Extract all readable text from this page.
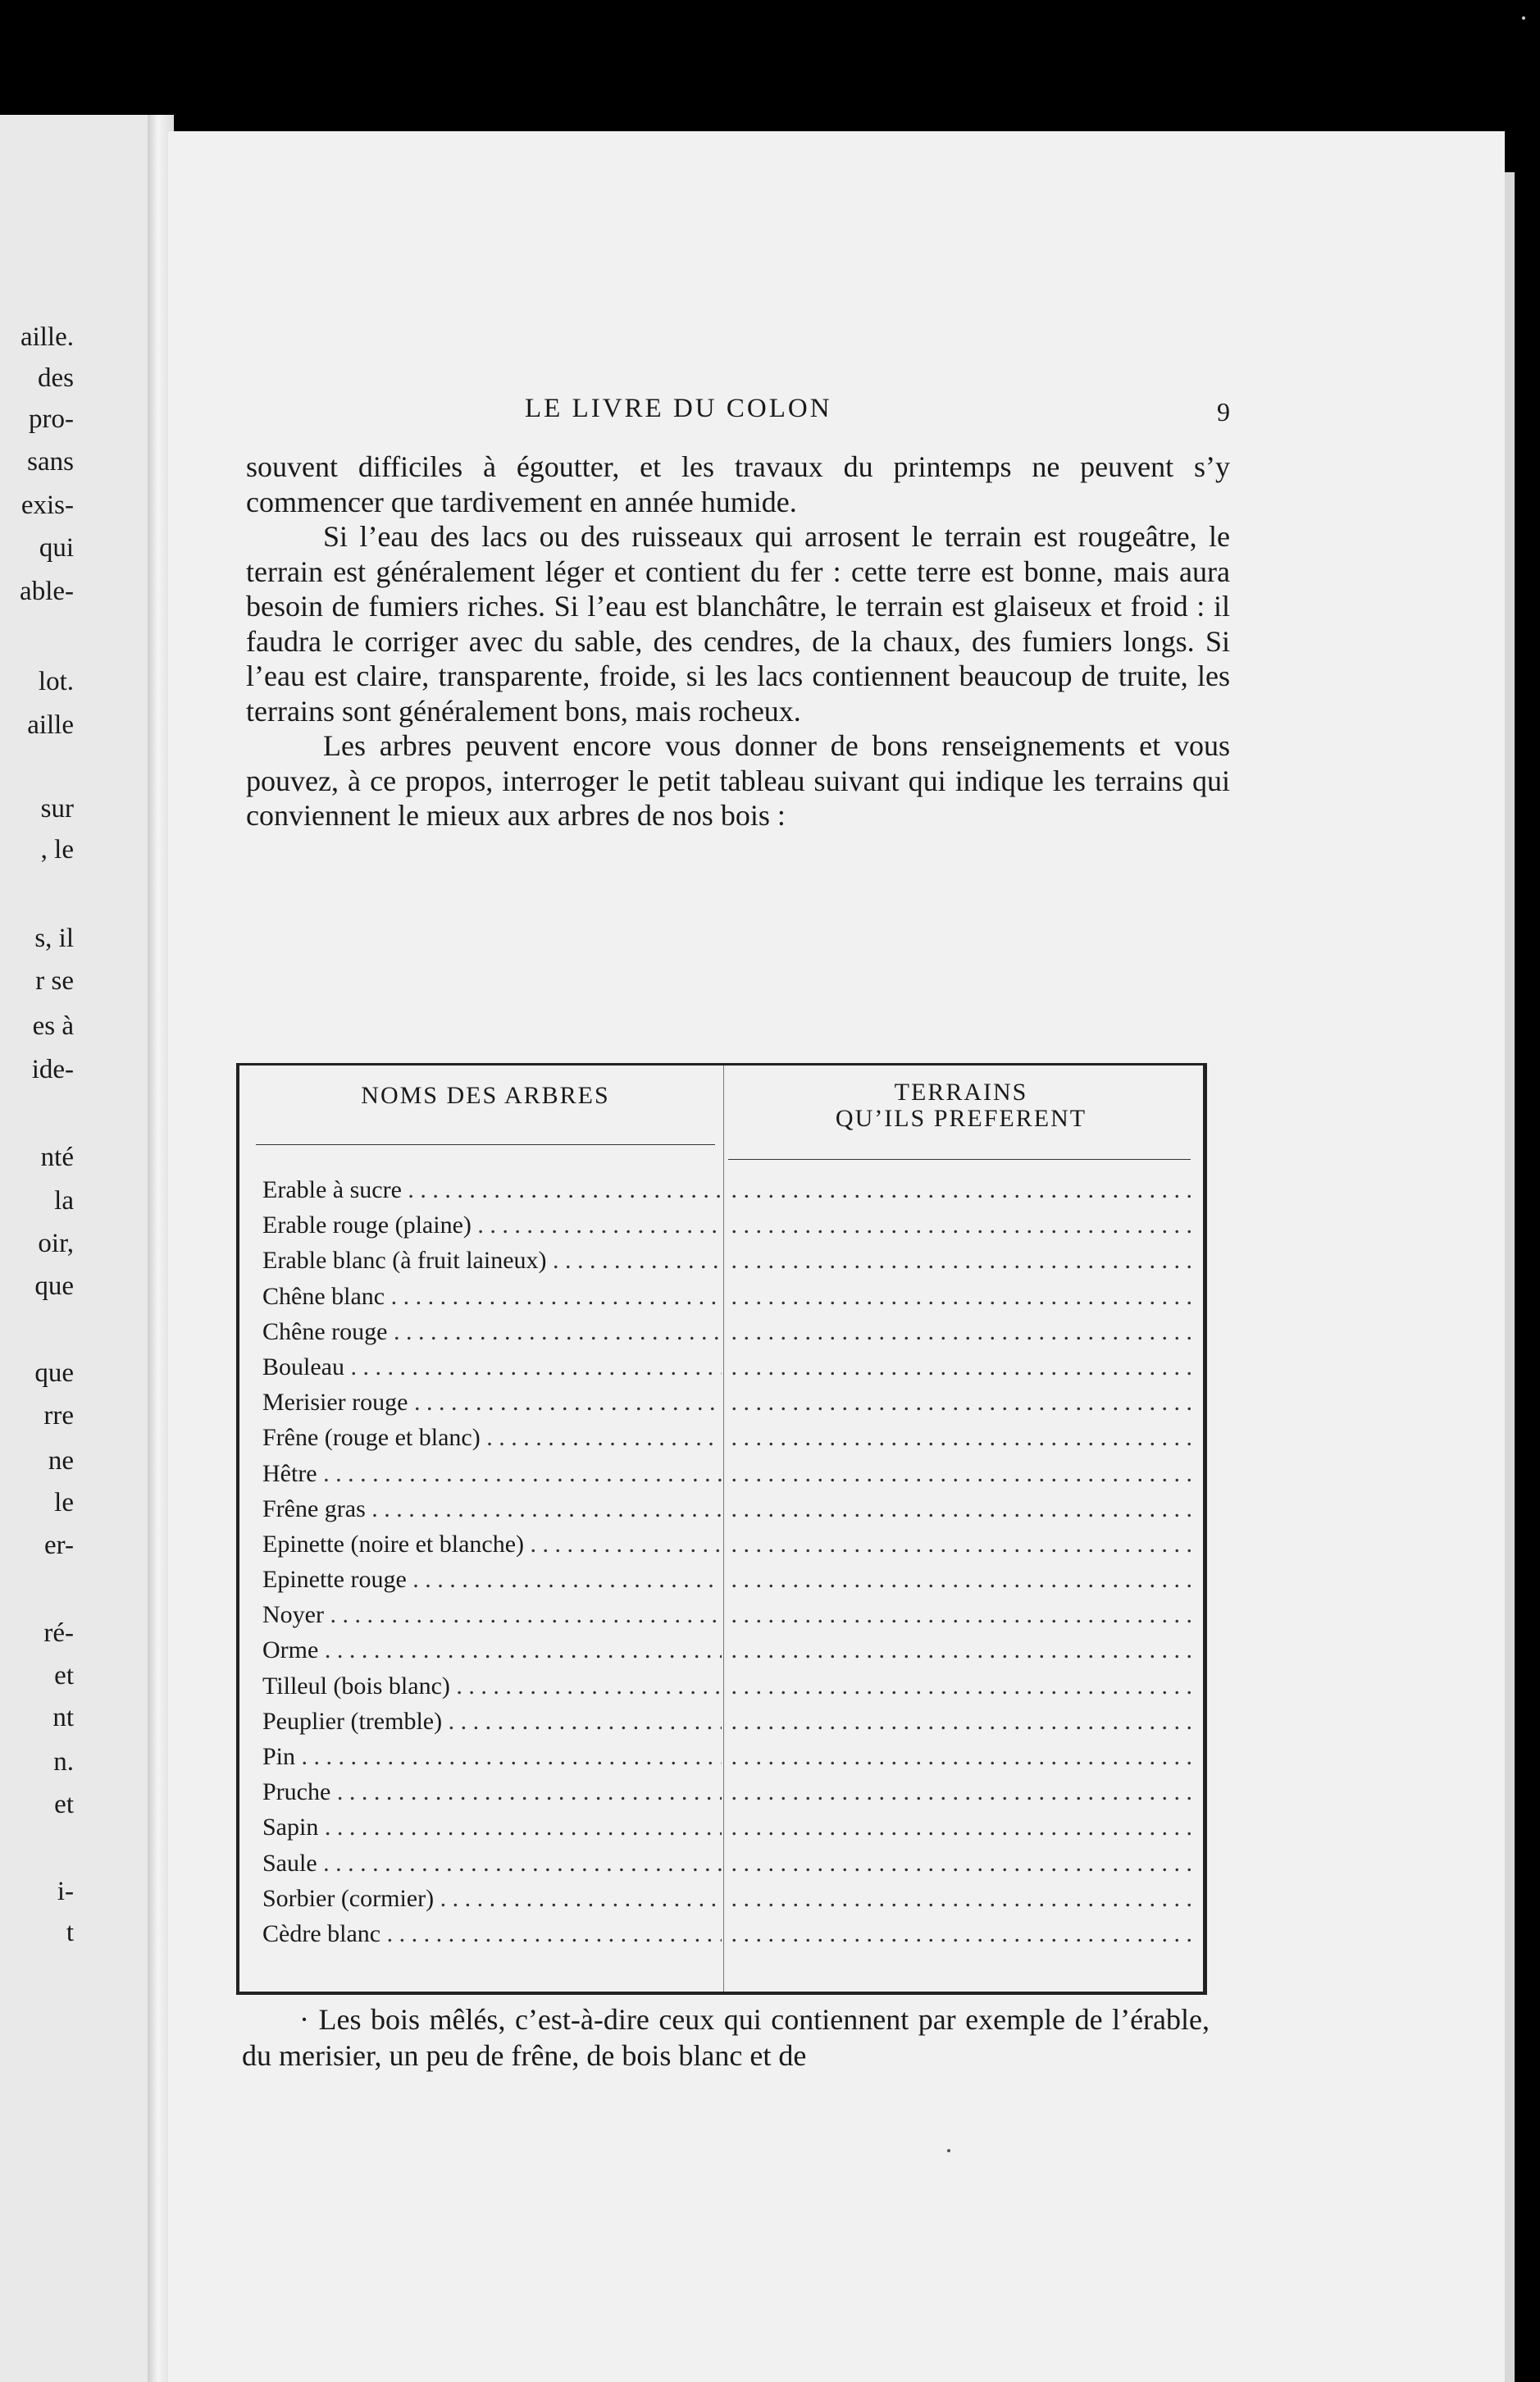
aille.
des
pro-
sans
exis-
qui
able-
lot.
aille
sur
, le
s, il
r se
es à
ide-
nté
la
oir,
que
que
rre
ne
le
er-
ré-
et
nt
n.
et
i-
t
LE LIVRE DU COLON	9

souvent difficiles à égoutter, et les travaux du printemps ne peuvent s’y commencer que tardivement en année humide.

Si l’eau des lacs ou des ruisseaux qui arrosent le terrain est rougeâtre, le terrain est généralement léger et contient du fer : cette terre est bonne, mais aura besoin de fumiers riches. Si l’eau est blanchâtre, le terrain est glaiseux et froid : il faudra le corriger avec du sable, des cendres, de la chaux, des fumiers longs. Si l’eau est claire, transparente, froide, si les lacs contiennent beaucoup de truite, les terrains sont généralement bons, mais rocheux.

Les arbres peuvent encore vous donner de bons renseignements et vous pouvez, à ce propos, interroger le petit tableau suivant qui indique les terrains qui conviennent le mieux aux arbres de nos bois :

NOMS DES ARBRES	TERRAINS
QU’ILS PREFERENT
Erable à sucre . . .
. . .
Erable rouge (plaine) . . .
. . .
Erable blanc (à fruit laineux) . . .
. . .
Chêne blanc . . .
. . .
Chêne rouge . . .
. . .
Bouleau . . .
. . .
Merisier rouge . . .
. . .
Frêne (rouge et blanc) . . .
. . .
Hêtre . . .
. . .
Frêne gras . . .
. . .
Epinette (noire et blanche) . . .
. . .
Epinette rouge . . .
. . .
Noyer . . .
. . .
Orme . . .
. . .
Tilleul (bois blanc) . . .
. . .
Peuplier (tremble) . . .
. . .
Pin . . .
. . .
Pruche . . .
. . .
Sapin . . .
. . .
Saule . . .
. . .
Sorbier (cormier) . . .
. . .
Cèdre blanc . . .
. . .
· Les bois mêlés, c’est-à-dire ceux qui contiennent par exemple de l’érable, du merisier, un peu de frêne, de bois blanc et de
